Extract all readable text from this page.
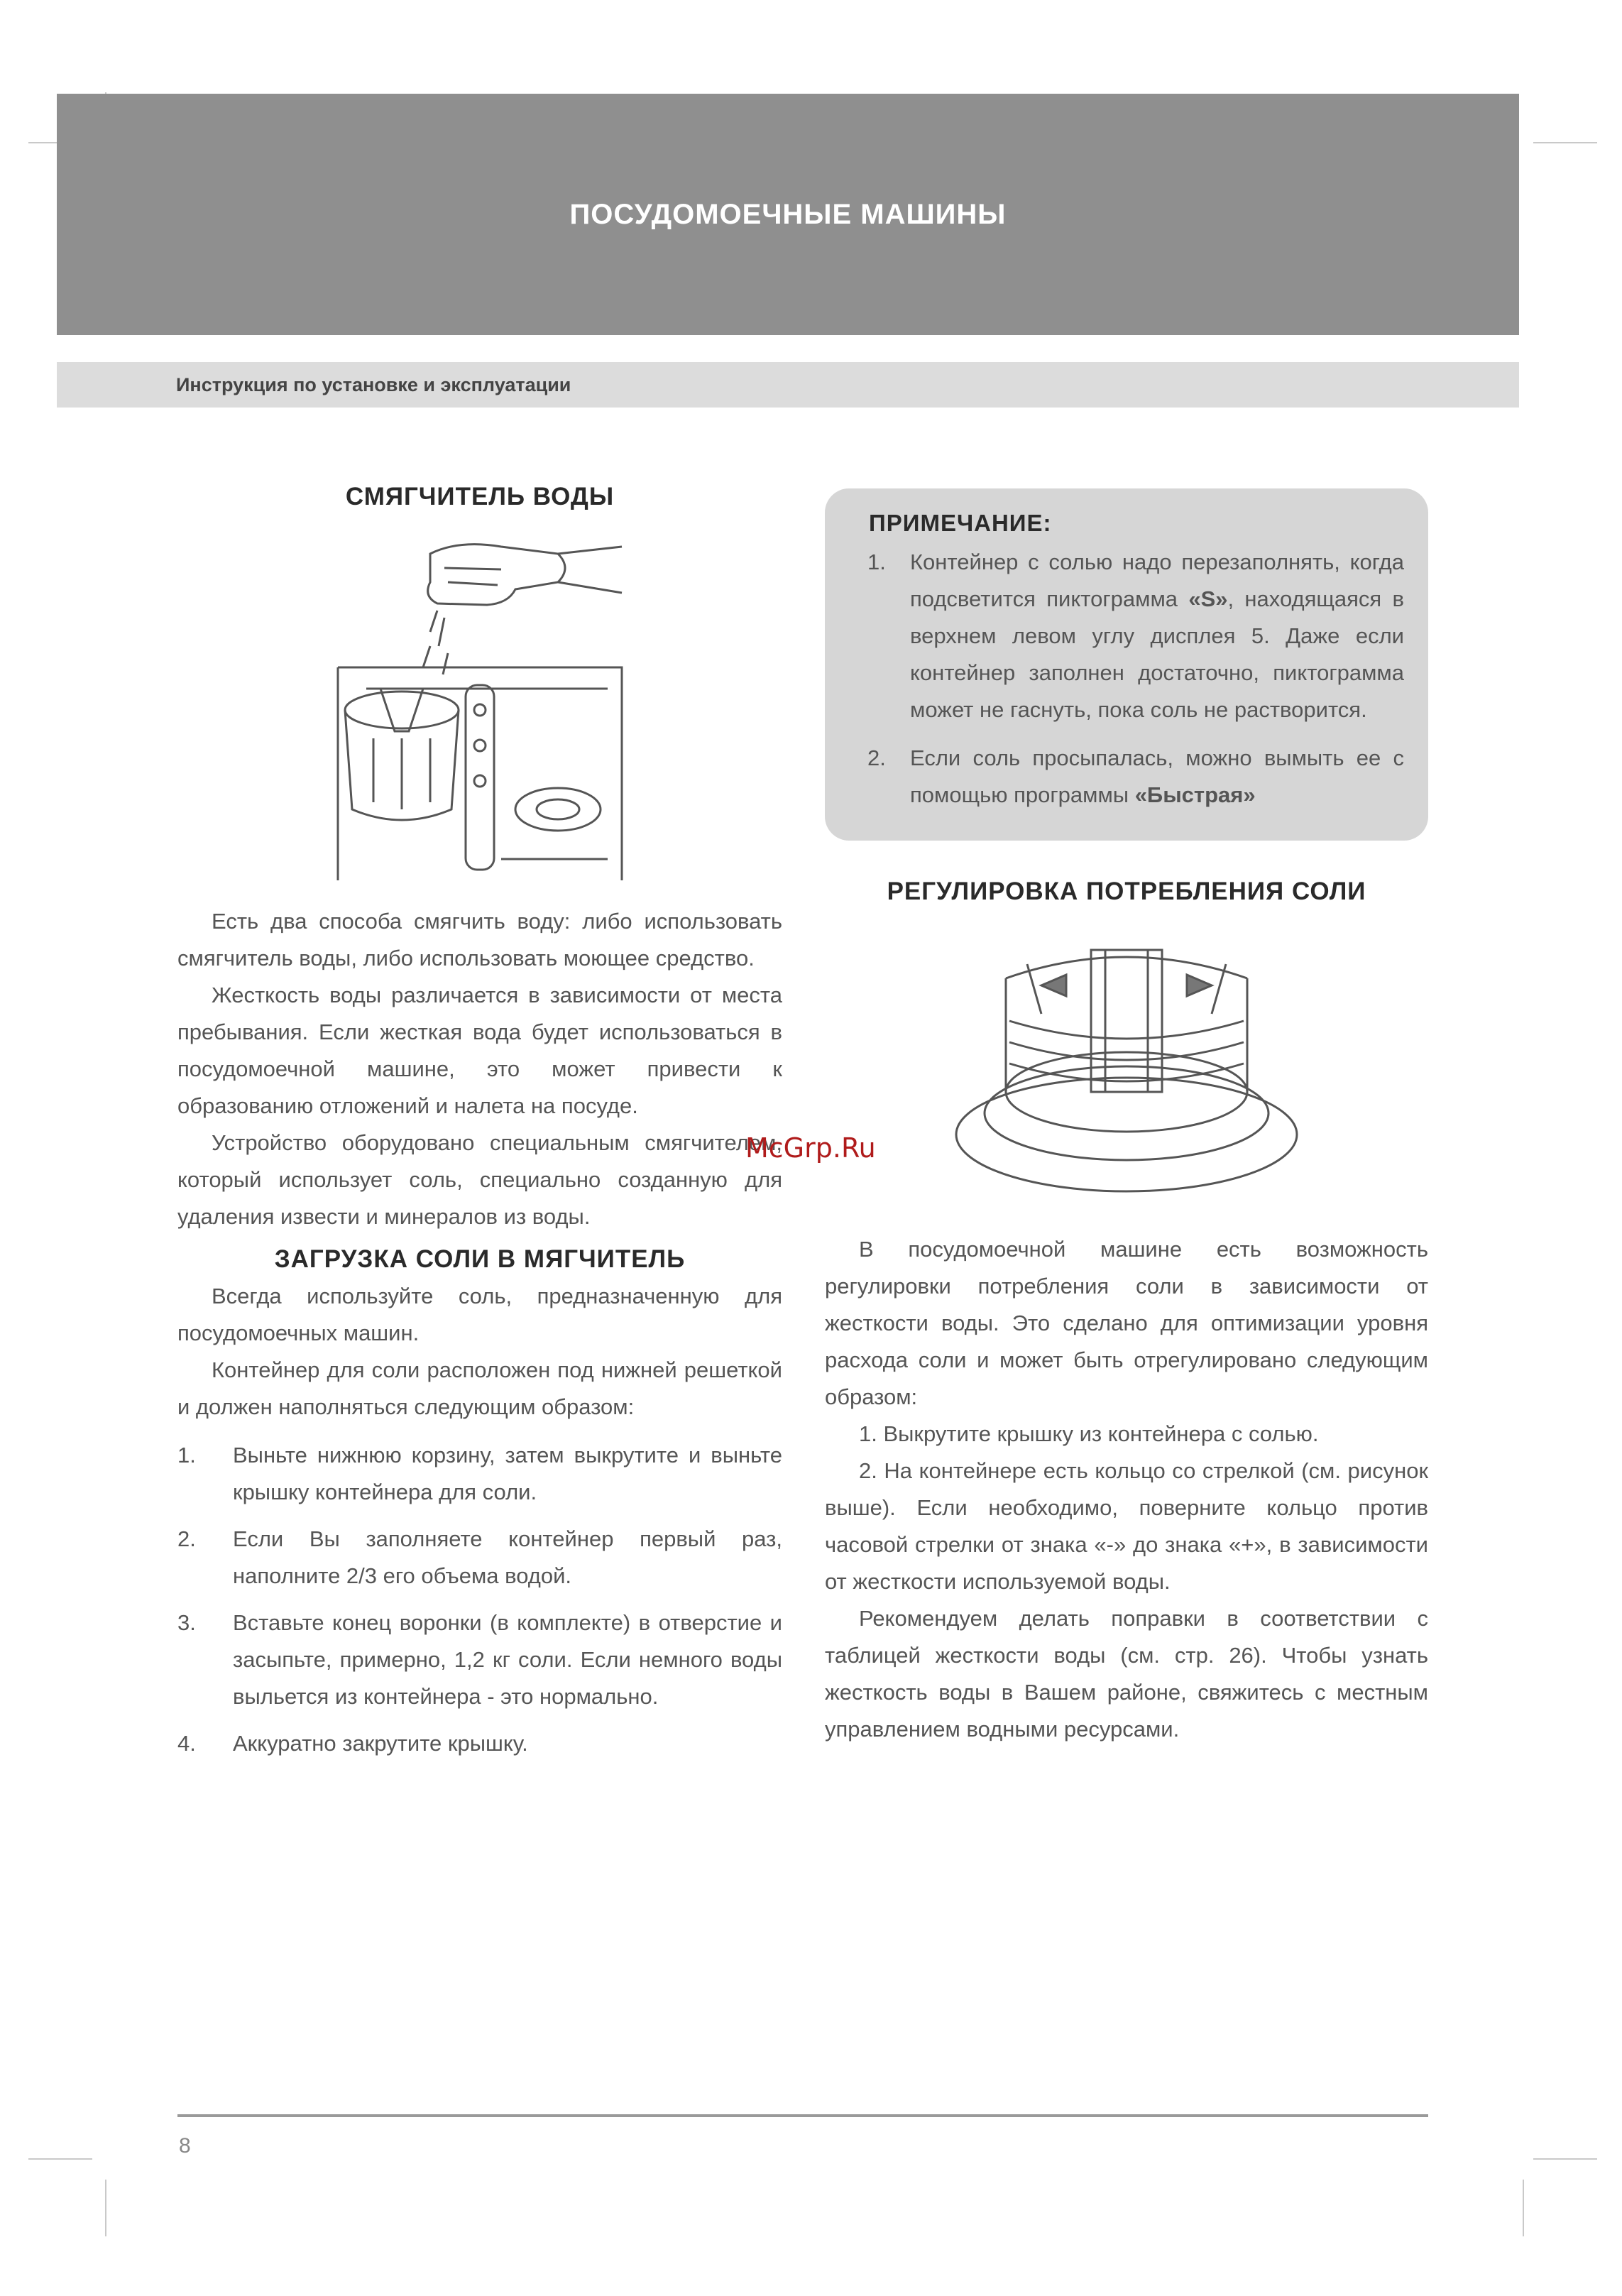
ПОСУДОМОЕЧНЫЕ МАШИНЫ
Инструкция по установке и эксплуатации
СМЯГЧИТЕЛЬ ВОДЫ

Есть два способа смягчить воду: либо использовать смягчитель воды, либо использовать моющее средство.

Жесткость воды различается в зависимости от места пребывания. Если жесткая вода будет использоваться в посудомоечной машине, это может привести к образованию отложений и налета на посуде.

Устройство оборудовано специальным смягчителем, который использует соль, специально созданную для удаления извести и минералов из воды.

ЗАГРУЗКА СОЛИ В МЯГЧИТЕЛЬ

Всегда используйте соль, предназначенную для посудомоечных машин.

Контейнер для соли расположен под нижней решеткой и должен наполняться следующим образом:

1.	Выньте нижнюю корзину, затем выкрутите и выньте крышку контейнера для соли.
2.	Если Вы заполняете контейнер первый раз, наполните 2/3 его объема водой.
3.	Вставьте конец воронки (в комплекте) в отверстие и засыпьте, примерно, 1,2 кг соли. Если немного воды выльется из контейнера - это нормально.
4.	Аккуратно закрутите крышку.
ПРИМЕЧАНИЕ:
1.	Контейнер с солью надо перезаполнять, когда подсветится пиктограмма «S», находящаяся в верхнем левом углу дисплея 5. Даже если контейнер заполнен достаточно, пиктограмма может не гаснуть, пока соль не растворится.
2.	Если соль просыпалась, можно вымыть ее с помощью программы «Быстрая»
РЕГУЛИРОВКА ПОТРЕБЛЕНИЯ СОЛИ

В посудомоечной машине есть возможность регулировки потребления соли в зависимости от жесткости воды. Это сделано для оптимизации уровня расхода соли и может быть отрегулировано следующим образом:

1. Выкрутите крышку из контейнера с солью.

2. На контейнере есть кольцо со стрелкой (см. рисунок выше). Если необходимо, поверните кольцо против часовой стрелки от знака «-» до знака «+», в зависимости от жесткости используемой воды.

Рекомендуем делать поправки в соответствии с таблицей жесткости воды (см. стр. 26). Чтобы узнать жесткость воды в Вашем районе, свяжитесь с местным управлением водными ресурсами.

McGrp.Ru
8
